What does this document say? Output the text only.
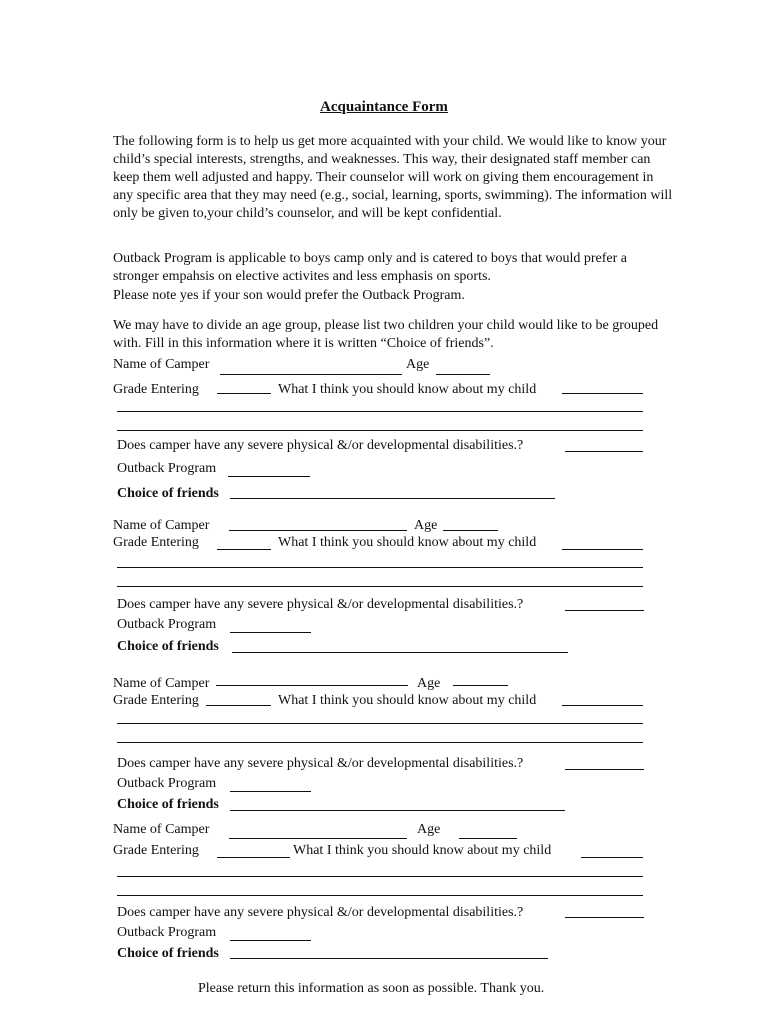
Acquaintance Form
The following form is to help us get more acquainted with your child. We would like to know your child’s special interests, strengths, and weaknesses. This way, their designated staff member can keep them well adjusted and happy. Their counselor will work on giving them encouragement in any specific area that they may need (e.g., social, learning, sports, swimming). The information will only be given to,your child’s counselor, and will be kept confidential.
Outback Program is applicable to boys camp only and is catered to boys that would prefer a stronger empahsis on elective activites and less emphasis on sports.
Please note yes if your son would prefer the Outback Program.
We may have to divide an age group, please list two children your child would like to be grouped with. Fill in this information where it is written “Choice of friends”.
Name of Camper	Age
Grade Entering	What I think you should know about my child
Does camper have any severe physical &/or developmental disabilities.?
Outback Program
Choice of friends
Name of Camper	Age
Grade Entering	What I think you should know about my child
Does camper have any severe physical &/or developmental disabilities.?
Outback Program
Choice of friends
Name of Camper	Age
Grade Entering	What I think you should know about my child
Does camper have any severe physical &/or developmental disabilities.?
Outback Program
Choice of friends
Name of Camper	Age
Grade Entering	What I think you should know about my child
Does camper have any severe physical &/or developmental disabilities.?
Outback Program
Choice of friends
Please return this information as soon as possible. Thank you.
